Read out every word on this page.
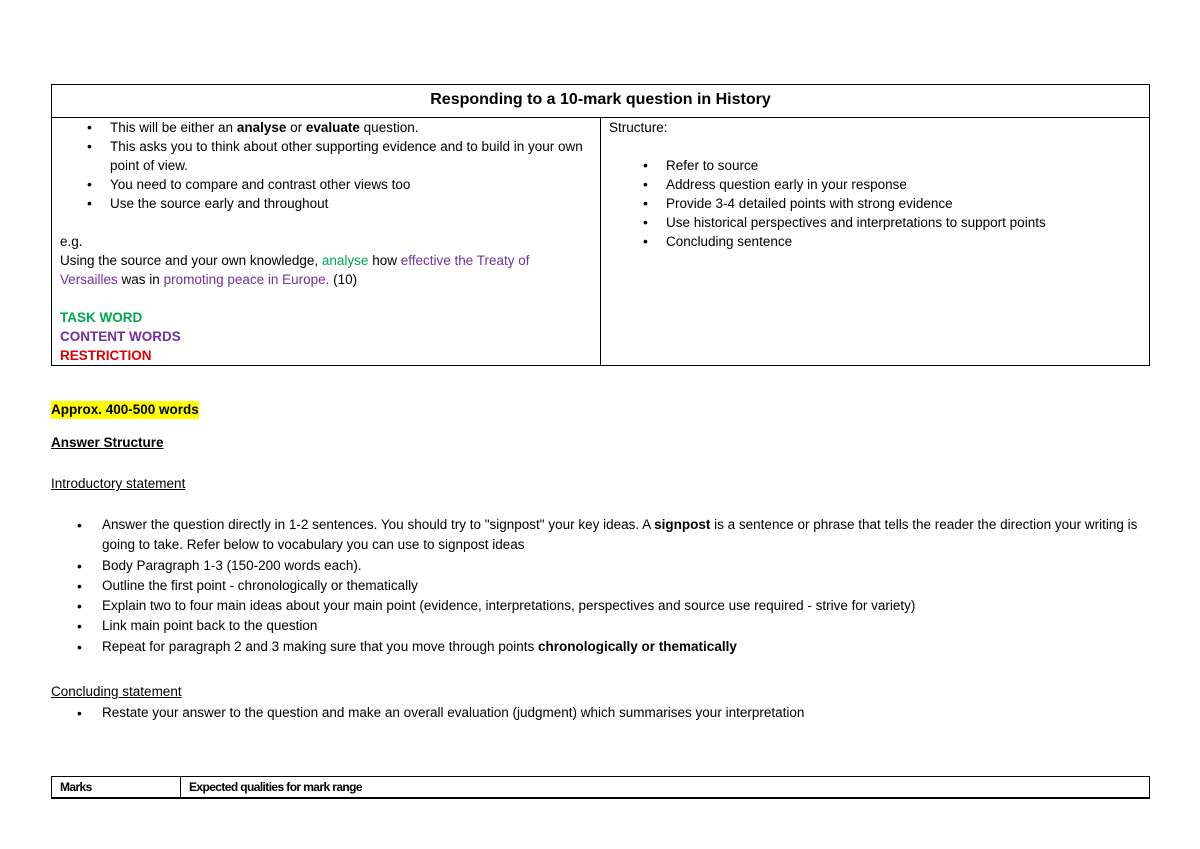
Responding to a 10-mark question in History

• This will be either an analyse or evaluate question.
• This asks you to think about other supporting evidence and to build in your own point of view.
• You need to compare and contrast other views too
• Use the source early and throughout
e.g.
Using the source and your own knowledge, analyse how effective the Treaty of Versailles was in promoting peace in Europe. (10)
TASK WORD
CONTENT WORDS
RESTRICTION

Structure:
• Refer to source
• Address question early in your response
• Provide 3-4 detailed points with strong evidence
• Use historical perspectives and interpretations to support points
• Concluding sentence
Approx. 400-500 words
Answer Structure
Introductory statement
• Answer the question directly in 1-2 sentences. You should try to "signpost" your key ideas. A signpost is a sentence or phrase that tells the reader the direction your writing is going to take. Refer below to vocabulary you can use to signpost ideas
• Body Paragraph 1-3 (150-200 words each).
• Outline the first point - chronologically or thematically
• Explain two to four main ideas about your main point (evidence, interpretations, perspectives and source use required - strive for variety)
• Link main point back to the question
• Repeat for paragraph 2 and 3 making sure that you move through points chronologically or thematically
Concluding statement
• Restate your answer to the question and make an overall evaluation (judgment) which summarises your interpretation
Marks	Expected qualities for mark range
